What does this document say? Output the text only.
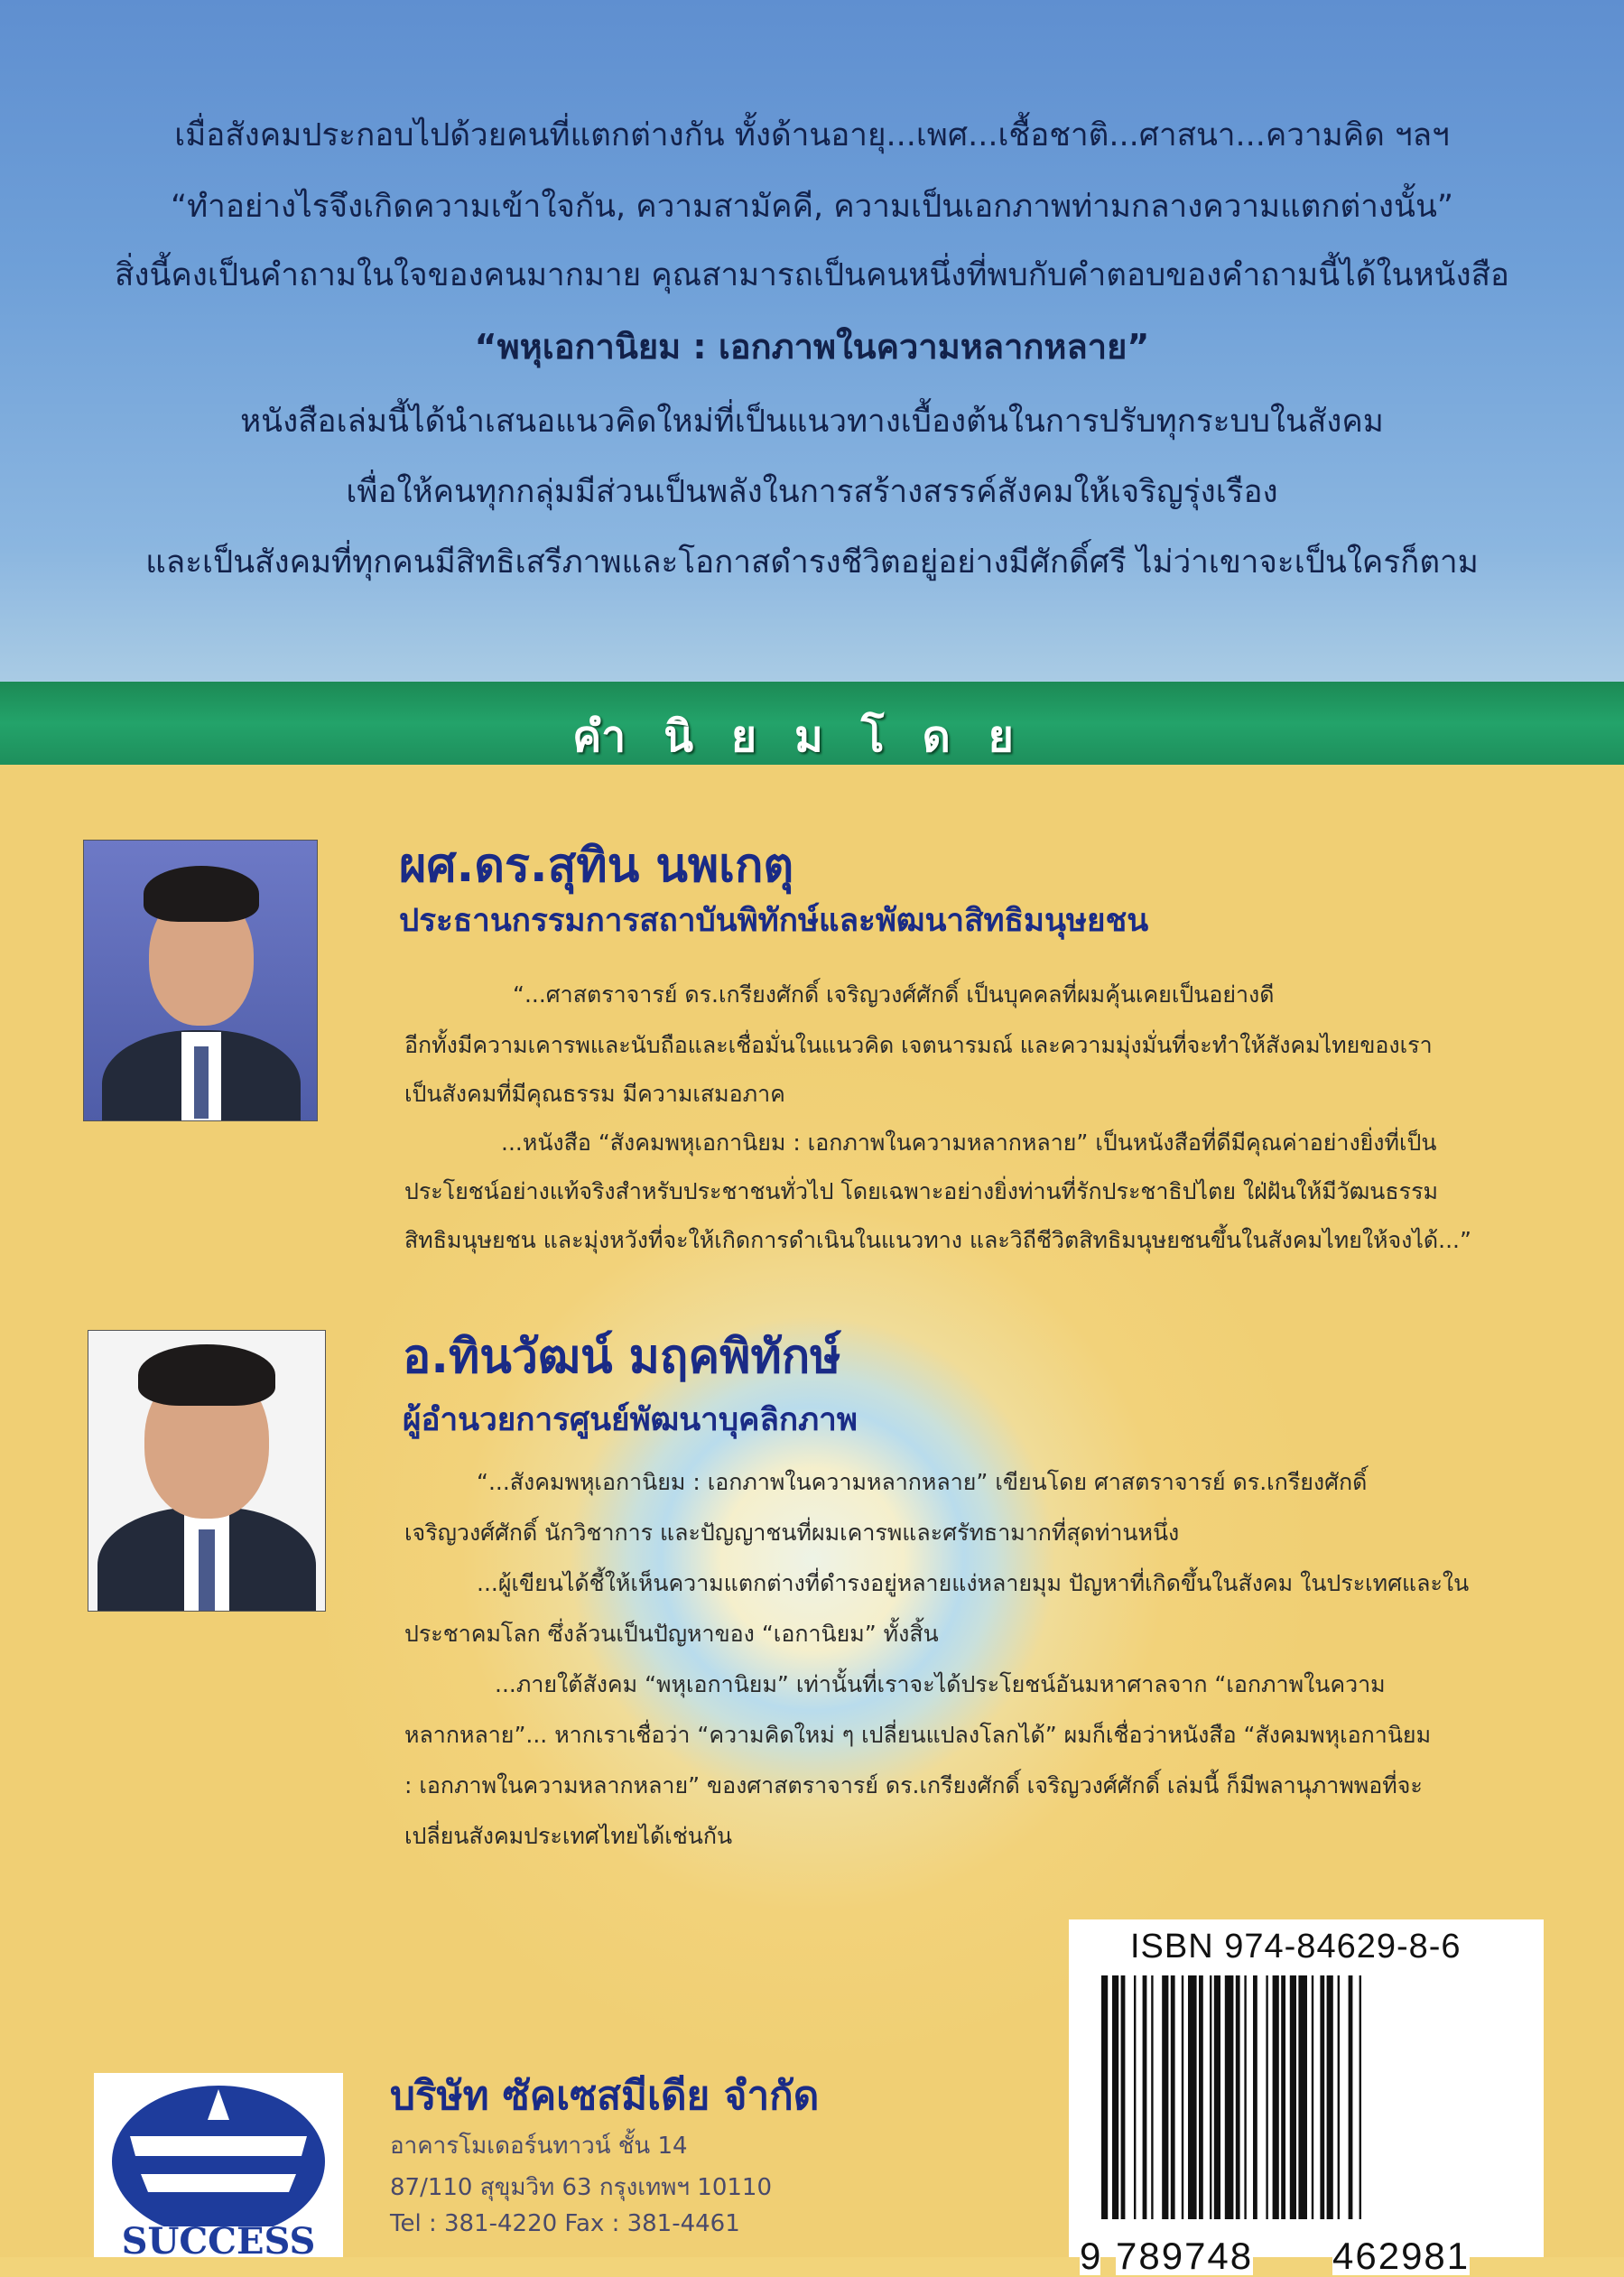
เมื่อสังคมประกอบไปด้วยคนที่แตกต่างกัน ทั้งด้านอายุ...เพศ...เชื้อชาติ...ศาสนา...ความคิด ฯลฯ
“ทำอย่างไรจึงเกิดความเข้าใจกัน, ความสามัคคี, ความเป็นเอกภาพท่ามกลางความแตกต่างนั้น”
สิ่งนี้คงเป็นคำถามในใจของคนมากมาย คุณสามารถเป็นคนหนึ่งที่พบกับคำตอบของคำถามนี้ได้ในหนังสือ
“พหุเอกานิยม : เอกภาพในความหลากหลาย”
หนังสือเล่มนี้ได้นำเสนอแนวคิดใหม่ที่เป็นแนวทางเบื้องต้นในการปรับทุกระบบในสังคม
เพื่อให้คนทุกกลุ่มมีส่วนเป็นพลังในการสร้างสรรค์สังคมให้เจริญรุ่งเรือง
และเป็นสังคมที่ทุกคนมีสิทธิเสรีภาพและโอกาสดำรงชีวิตอยู่อย่างมีศักดิ์ศรี ไม่ว่าเขาจะเป็นใครก็ตาม
คำนิยมโดย
ผศ.ดร.สุทิน นพเกตุ
ประธานกรรมการสถาบันพิทักษ์และพัฒนาสิทธิมนุษยชน
“...ศาสตราจารย์ ดร.เกรียงศักดิ์ เจริญวงศ์ศักดิ์ เป็นบุคคลที่ผมคุ้นเคยเป็นอย่างดี
อีกทั้งมีความเคารพและนับถือและเชื่อมั่นในแนวคิด เจตนารมณ์ และความมุ่งมั่นที่จะทำให้สังคมไทยของเรา
เป็นสังคมที่มีคุณธรรม มีความเสมอภาค
...หนังสือ “สังคมพหุเอกานิยม : เอกภาพในความหลากหลาย” เป็นหนังสือที่ดีมีคุณค่าอย่างยิ่งที่เป็น
ประโยชน์อย่างแท้จริงสำหรับประชาชนทั่วไป โดยเฉพาะอย่างยิ่งท่านที่รักประชาธิปไตย ใฝ่ฝันให้มีวัฒนธรรม
สิทธิมนุษยชน และมุ่งหวังที่จะให้เกิดการดำเนินในแนวทาง และวิถีชีวิตสิทธิมนุษยชนขึ้นในสังคมไทยให้จงได้...”
อ.ทินวัฒน์ มฤคพิทักษ์
ผู้อำนวยการศูนย์พัฒนาบุคลิกภาพ
“...สังคมพหุเอกานิยม : เอกภาพในความหลากหลาย” เขียนโดย ศาสตราจารย์ ดร.เกรียงศักดิ์
เจริญวงศ์ศักดิ์ นักวิชาการ และปัญญาชนที่ผมเคารพและศรัทธามากที่สุดท่านหนึ่ง
...ผู้เขียนได้ชี้ให้เห็นความแตกต่างที่ดำรงอยู่หลายแง่หลายมุม ปัญหาที่เกิดขึ้นในสังคม ในประเทศและใน
ประชาคมโลก ซึ่งล้วนเป็นปัญหาของ “เอกานิยม” ทั้งสิ้น
...ภายใต้สังคม “พหุเอกานิยม” เท่านั้นที่เราจะได้ประโยชน์อันมหาศาลจาก “เอกภาพในความ
หลากหลาย”... หากเราเชื่อว่า “ความคิดใหม่ ๆ เปลี่ยนแปลงโลกได้” ผมก็เชื่อว่าหนังสือ “สังคมพหุเอกานิยม
: เอกภาพในความหลากหลาย” ของศาสตราจารย์ ดร.เกรียงศักดิ์ เจริญวงศ์ศักดิ์ เล่มนี้ ก็มีพลานุภาพพอที่จะ
เปลี่ยนสังคมประเทศไทยได้เช่นกัน
ISBN 974-84629-8-6
9 789748 462981
SUCCESS
บริษัท ซัคเซสมีเดีย จำกัด
อาคารโมเดอร์นทาวน์ ชั้น 14
87/110 สุขุมวิท 63 กรุงเทพฯ 10110
Tel : 381-4220 Fax : 381-4461
